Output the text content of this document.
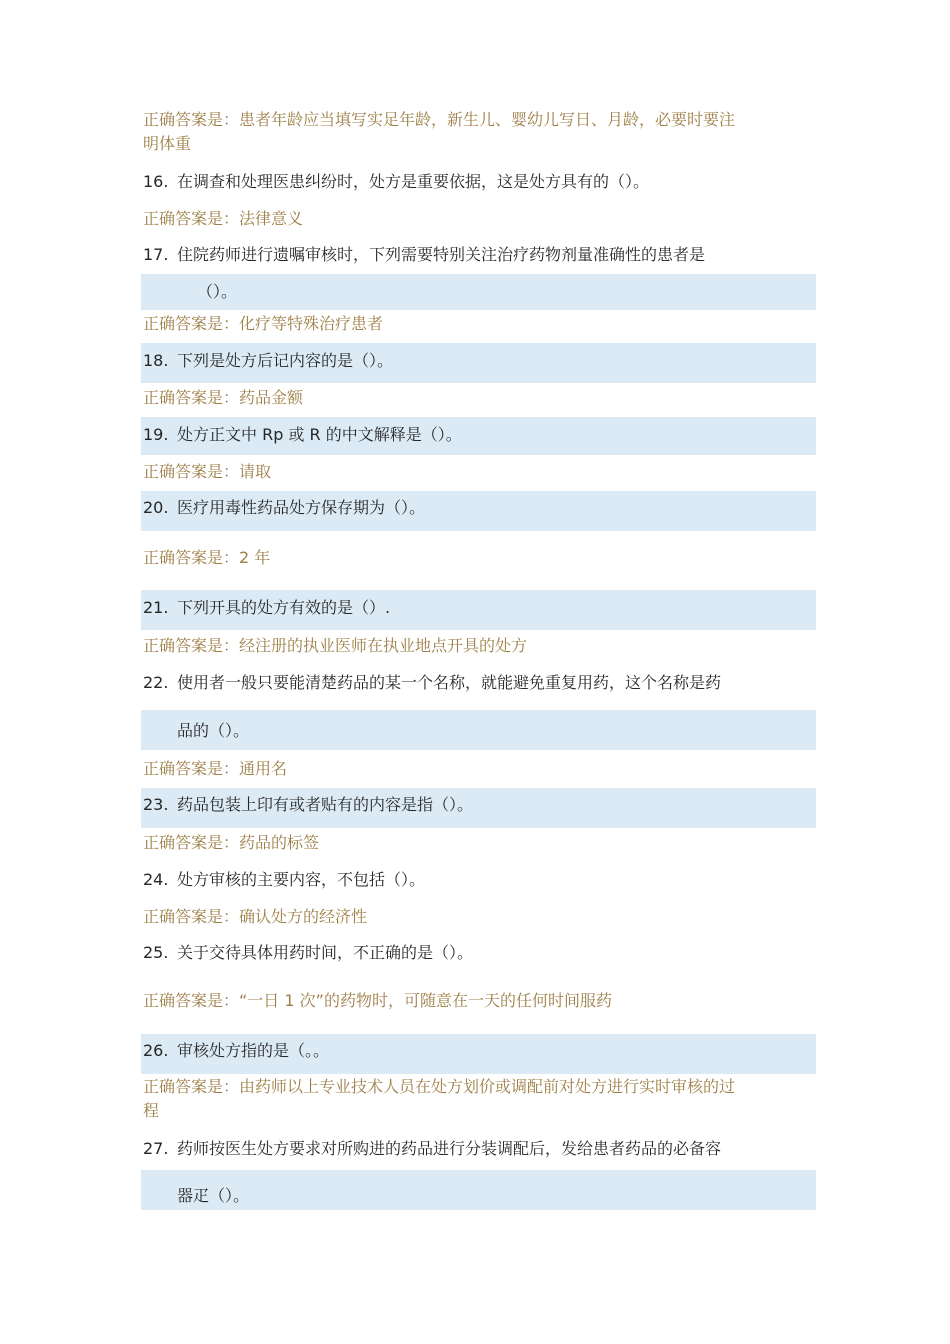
正确答案是：患者年龄应当填写实足年龄，新生儿、婴幼儿写日、月龄，必要时要注
明体重
16. 在调查和处理医患纠纷时，处方是重要依据，这是处方具有的（）。
正确答案是：法律意义
17. 住院药师进行遗嘱审核时，下列需要特别关注治疗药物剂量准确性的患者是
（）。
正确答案是：化疗等特殊治疗患者
18. 下列是处方后记内容的是（）。
正确答案是：药品金额
19. 处方正文中 Rp 或 R 的中文解释是（）。
正确答案是：请取
20. 医疗用毒性药品处方保存期为（）。
正确答案是：2 年
21. 下列开具的处方有效的是（）.
正确答案是：经注册的执业医师在执业地点开具的处方
22. 使用者一般只要能清楚药品的某一个名称，就能避免重复用药，这个名称是药
品的（）。
正确答案是：通用名
23. 药品包装上印有或者贴有的内容是指（）。
正确答案是：药品的标签
24. 处方审核的主要内容，不包括（）。
正确答案是：确认处方的经济性
25. 关于交待具体用药时间，不正确的是（）。
正确答案是：“一日 1 次”的药物时，可随意在一天的任何时间服药
26. 审核处方指的是（。。
正确答案是：由药师以上专业技术人员在处方划价或调配前对处方进行实时审核的过
程
27. 药师按医生处方要求对所购进的药品进行分装调配后，发给患者药品的必备容
器疋（）。
